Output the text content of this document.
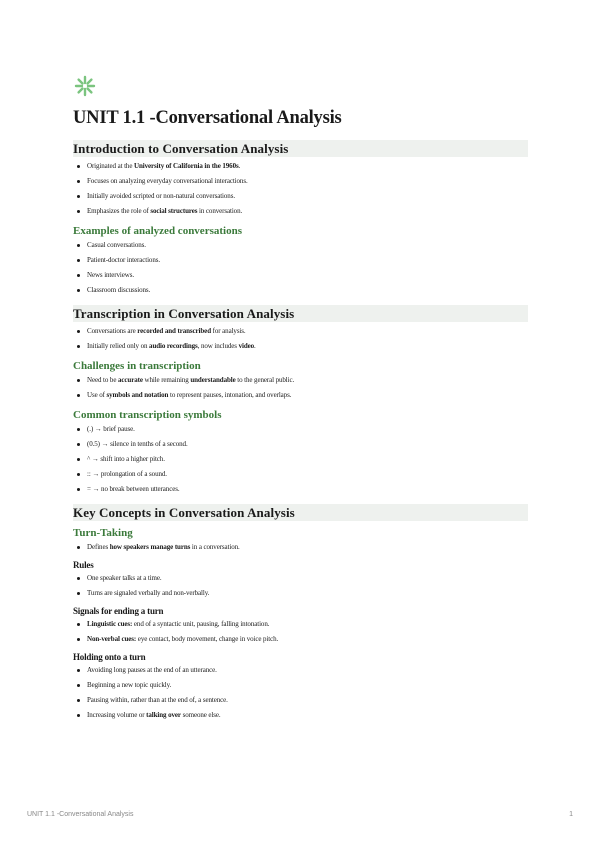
UNIT 1.1 -Conversational Analysis
Introduction to Conversation Analysis
Originated at the University of California in the 1960s.
Focuses on analyzing everyday conversational interactions.
Initially avoided scripted or non-natural conversations.
Emphasizes the role of social structures in conversation.
Examples of analyzed conversations
Casual conversations.
Patient-doctor interactions.
News interviews.
Classroom discussions.
Transcription in Conversation Analysis
Conversations are recorded and transcribed for analysis.
Initially relied only on audio recordings, now includes video.
Challenges in transcription
Need to be accurate while remaining understandable to the general public.
Use of symbols and notation to represent pauses, intonation, and overlaps.
Common transcription symbols
(.) → brief pause.
(0.5) → silence in tenths of a second.
^ → shift into a higher pitch.
:: → prolongation of a sound.
= → no break between utterances.
Key Concepts in Conversation Analysis
Turn-Taking
Defines how speakers manage turns in a conversation.
Rules
One speaker talks at a time.
Turns are signaled verbally and non-verbally.
Signals for ending a turn
Linguistic cues: end of a syntactic unit, pausing, falling intonation.
Non-verbal cues: eye contact, body movement, change in voice pitch.
Holding onto a turn
Avoiding long pauses at the end of an utterance.
Beginning a new topic quickly.
Pausing within, rather than at the end of, a sentence.
Increasing volume or talking over someone else.
UNIT 1.1 -Conversational Analysis	1
